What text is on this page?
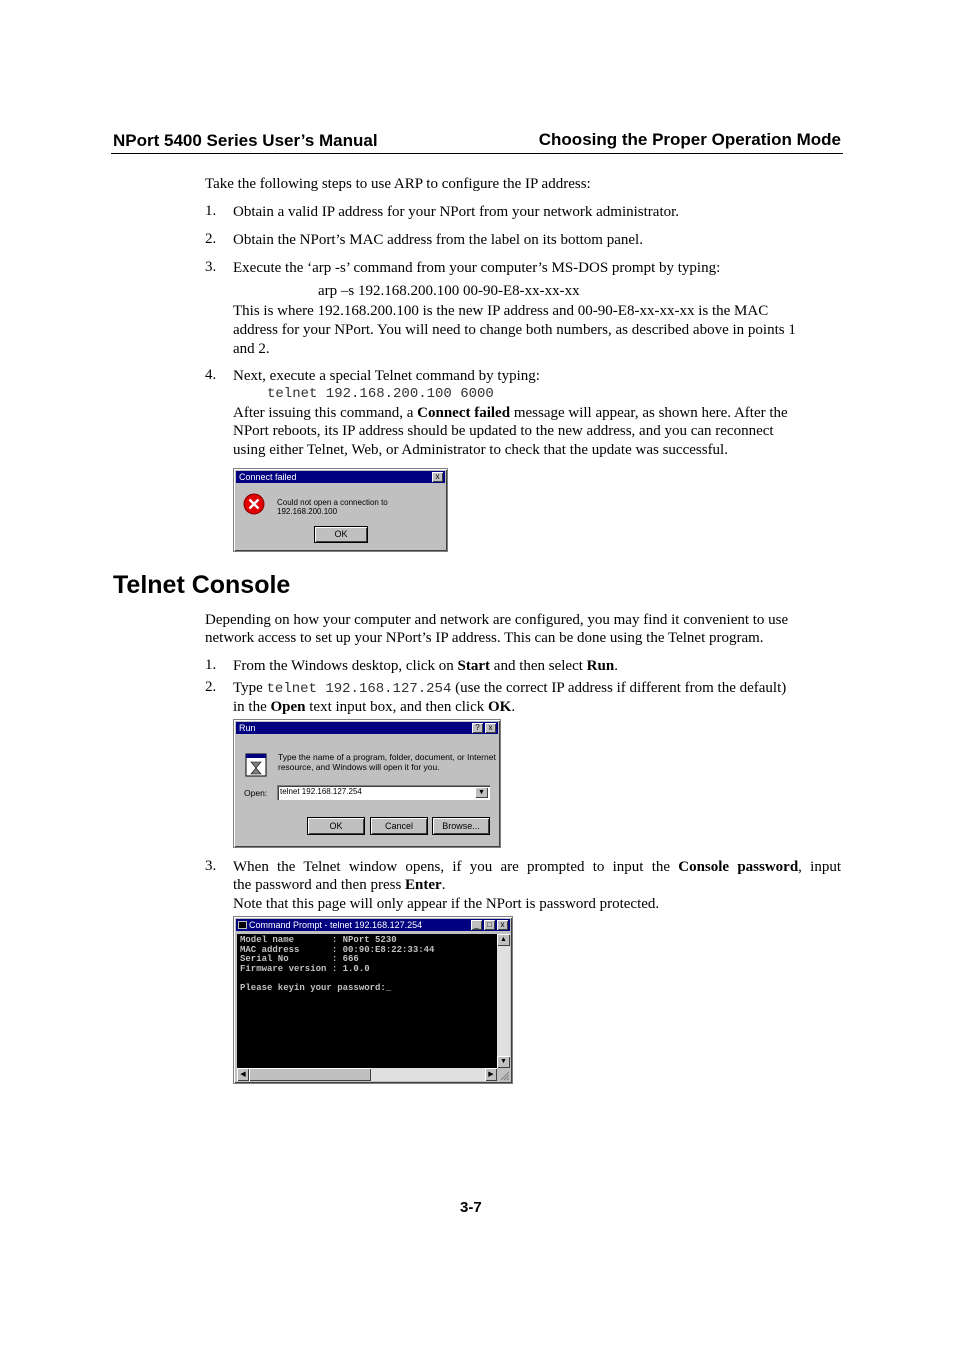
NPort 5400 Series User’s Manual	Choosing the Proper Operation Mode
Take the following steps to use ARP to configure the IP address:
1. Obtain a valid IP address for your NPort from your network administrator.
2. Obtain the NPort’s MAC address from the label on its bottom panel.
3. Execute the ‘arp -s’ command from your computer’s MS-DOS prompt by typing:
arp –s 192.168.200.100 00-90-E8-xx-xx-xx
This is where 192.168.200.100 is the new IP address and 00-90-E8-xx-xx-xx is the MAC
address for your NPort. You will need to change both numbers, as described above in points 1
and 2.
4. Next, execute a special Telnet command by typing:
telnet 192.168.200.100 6000
After issuing this command, a Connect failed message will appear, as shown here. After the
NPort reboots, its IP address should be updated to the new address, and you can reconnect
using either Telnet, Web, or Administrator to check that the update was successful.
Connect failed	x
Could not open a connection to 192.168.200.100
OK
Telnet Console
Depending on how your computer and network are configured, you may find it convenient to use
network access to set up your NPort’s IP address. This can be done using the Telnet program.
1. From the Windows desktop, click on Start and then select Run.
2. Type telnet 192.168.127.254 (use the correct IP address if different from the default)
in the Open text input box, and then click OK.
Run	?	x
Type the name of a program, folder, document, or Internet
resource, and Windows will open it for you.
Open:	telnet 192.168.127.254	▼
OK	Cancel	Browse...
3. When the Telnet window opens, if you are prompted to input the Console password, input
the password and then press Enter.
Note that this page will only appear if the NPort is password protected.
Command Prompt - telnet 192.168.127.254	_	□	x
Model name       : NPort 5230
MAC address      : 00:90:E8:22:33:44
Serial No        : 666
Firmware version : 1.0.0

Please keyin your password:_
▲
▼
◀	▶
3-7
